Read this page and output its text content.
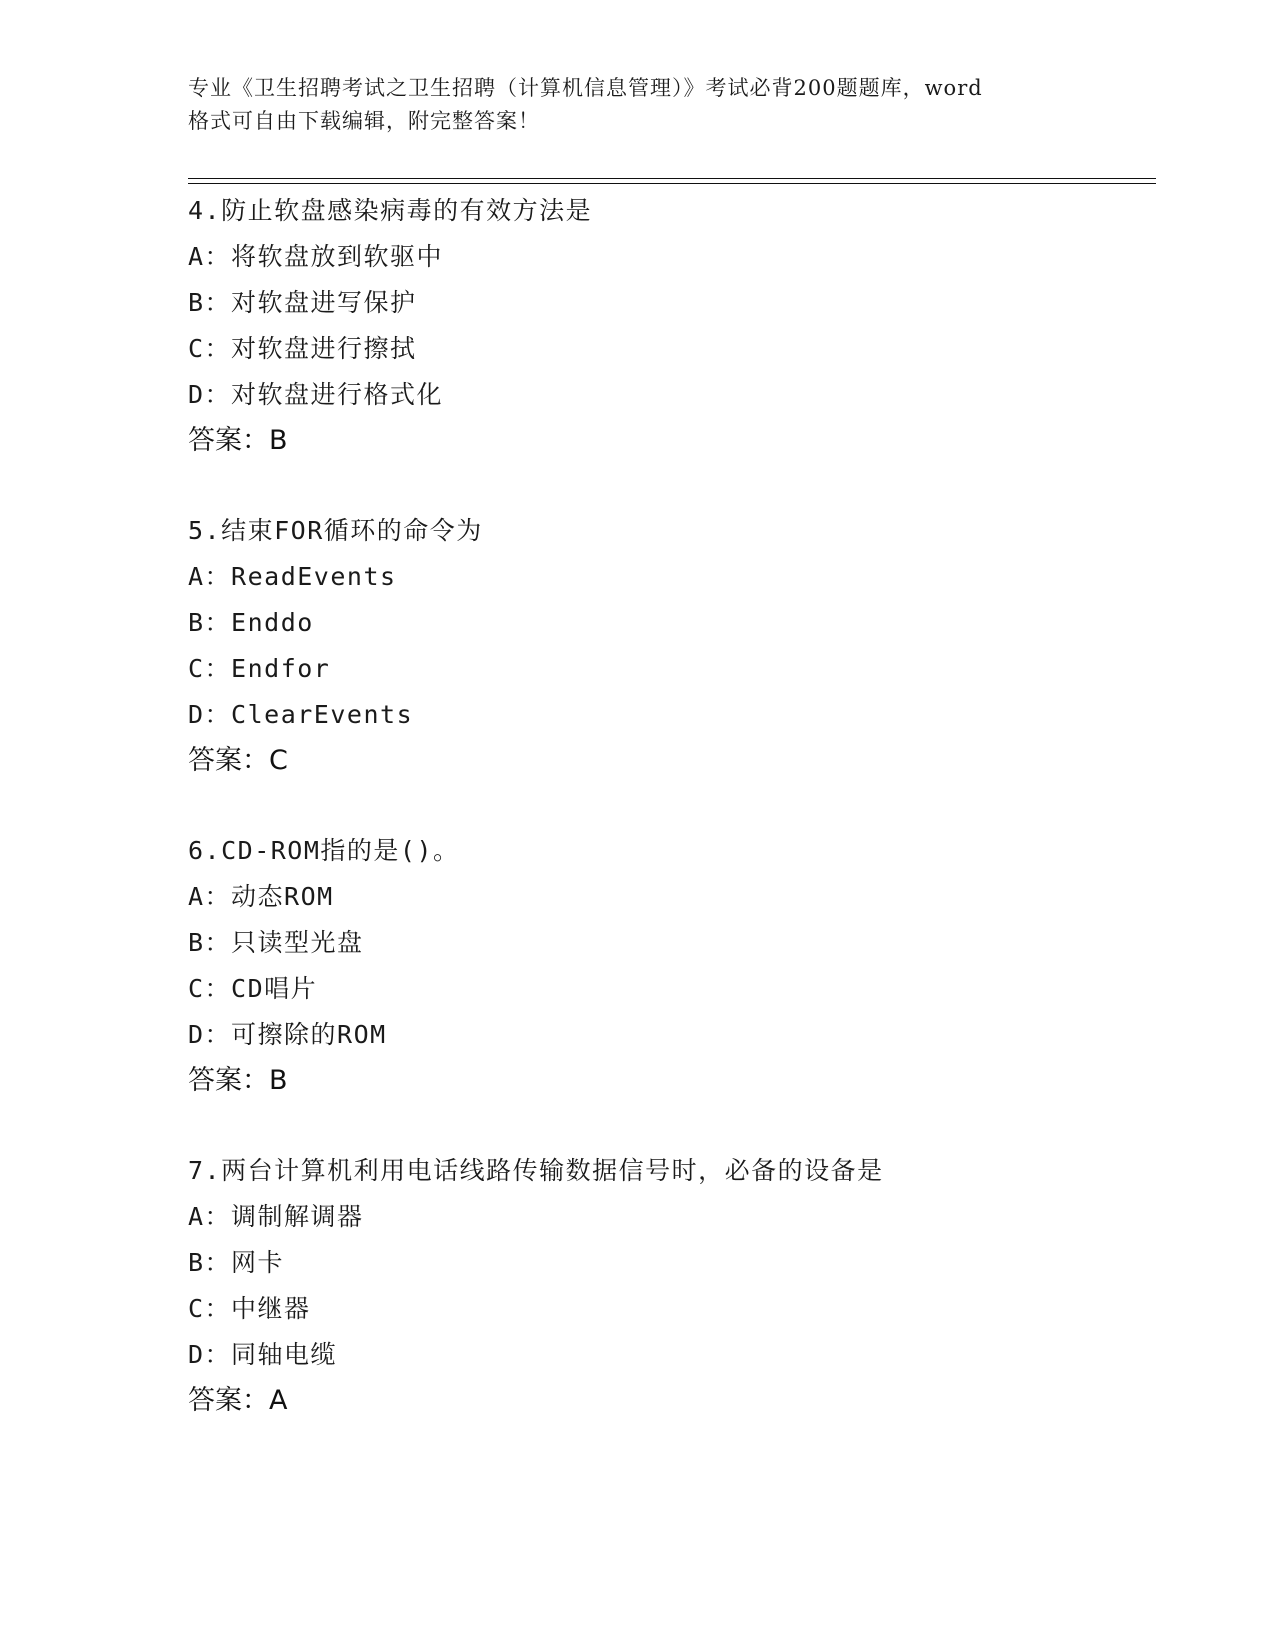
专业《卫生招聘考试之卫生招聘（计算机信息管理）》考试必背200题题库，word
格式可自由下载编辑，附完整答案！
4.防止软盘感染病毒的有效方法是
A：将软盘放到软驱中
B：对软盘进写保护
C：对软盘进行擦拭
D：对软盘进行格式化
答案：B
5.结束FOR循环的命令为
A：ReadEvents
B：Enddo
C：Endfor
D：ClearEvents
答案：C
6.CD-ROM指的是()。
A：动态ROM
B：只读型光盘
C：CD唱片
D：可擦除的ROM
答案：B
7.两台计算机利用电话线路传输数据信号时，必备的设备是
A：调制解调器
B：网卡
C：中继器
D：同轴电缆
答案：A
